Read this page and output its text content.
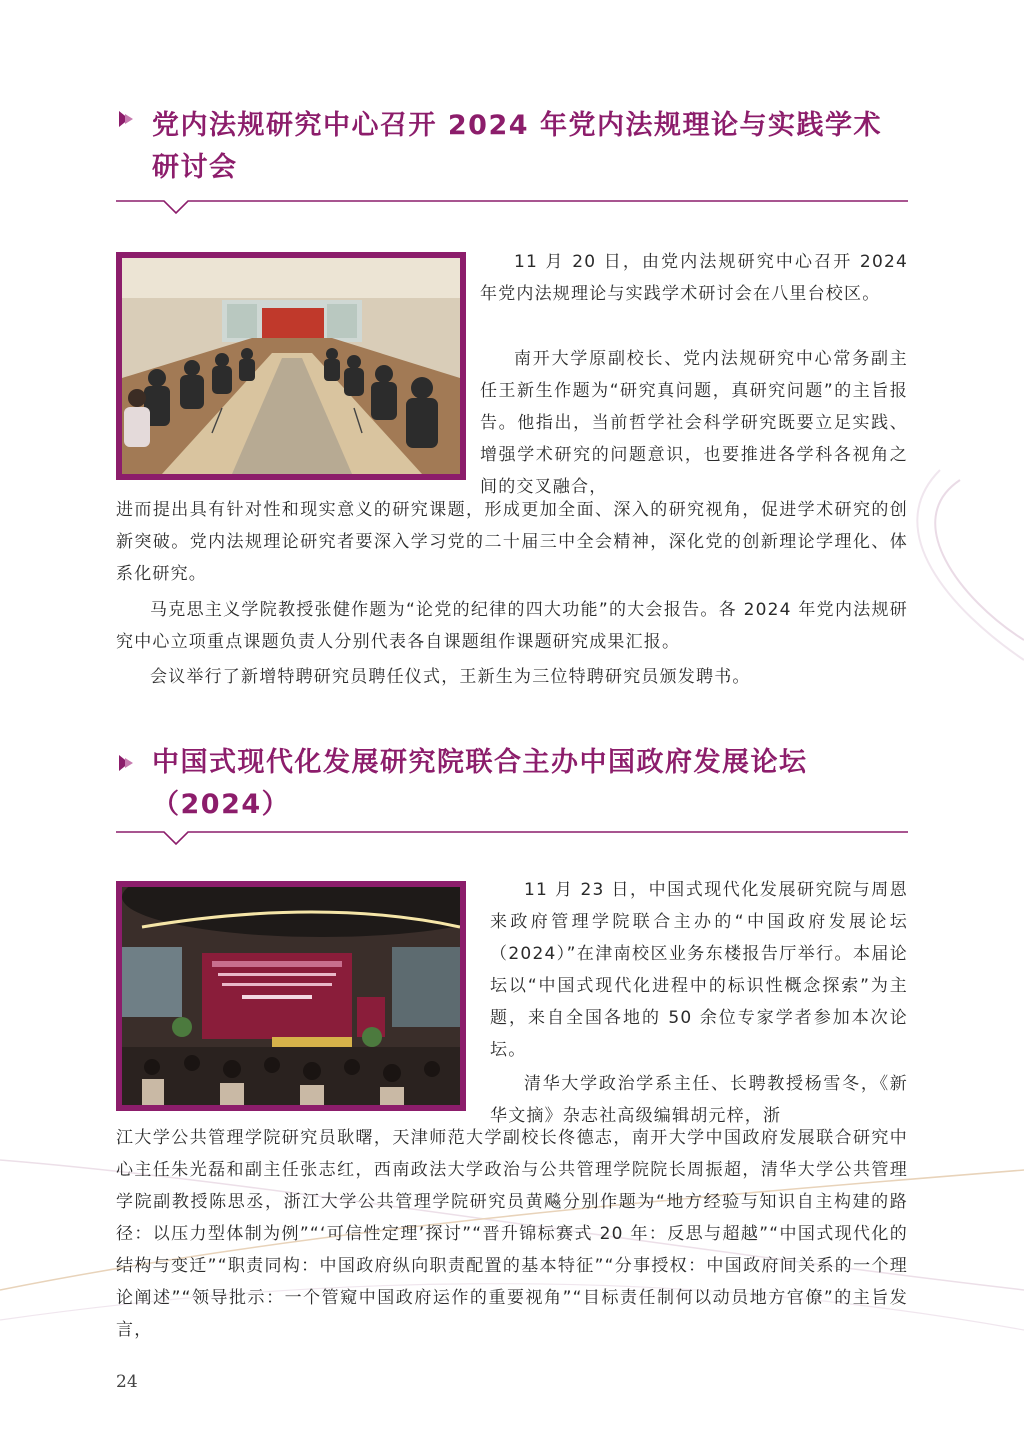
党内法规研究中心召开 2024 年党内法规理论与实践学术研讨会

11 月 20 日，由党内法规研究中心召开 2024 年党内法规理论与实践学术研讨会在八里台校区。

南开大学原副校长、党内法规研究中心常务副主任王新生作题为“研究真问题，真研究问题”的主旨报告。他指出，当前哲学社会科学研究既要立足实践、增强学术研究的问题意识，也要推进各学科各视角之间的交叉融合，

进而提出具有针对性和现实意义的研究课题，形成更加全面、深入的研究视角，促进学术研究的创新突破。党内法规理论研究者要深入学习党的二十届三中全会精神，深化党的创新理论学理化、体系化研究。

马克思主义学院教授张健作题为“论党的纪律的四大功能”的大会报告。各 2024 年党内法规研究中心立项重点课题负责人分别代表各自课题组作课题研究成果汇报。

会议举行了新增特聘研究员聘任仪式，王新生为三位特聘研究员颁发聘书。

中国式现代化发展研究院联合主办中国政府发展论坛（2024）

11 月 23 日，中国式现代化发展研究院与周恩来政府管理学院联合主办的“中国政府发展论坛（2024）”在津南校区业务东楼报告厅举行。本届论坛以“中国式现代化进程中的标识性概念探索”为主题，来自全国各地的 50 余位专家学者参加本次论坛。

清华大学政治学系主任、长聘教授杨雪冬，《新华文摘》杂志社高级编辑胡元梓，浙

江大学公共管理学院研究员耿曙，天津师范大学副校长佟德志，南开大学中国政府发展联合研究中心主任朱光磊和副主任张志红，西南政法大学政治与公共管理学院院长周振超，清华大学公共管理学院副教授陈思丞，浙江大学公共管理学院研究员黄飚分别作题为“地方经验与知识自主构建的路径：以压力型体制为例”“‘可信性定理’探讨”“晋升锦标赛式 20 年：反思与超越”“中国式现代化的结构与变迁”“职责同构：中国政府纵向职责配置的基本特征”“分事授权：中国政府间关系的一个理论阐述”“领导批示：一个管窥中国政府运作的重要视角”“目标责任制何以动员地方官僚”的主旨发言，

24
